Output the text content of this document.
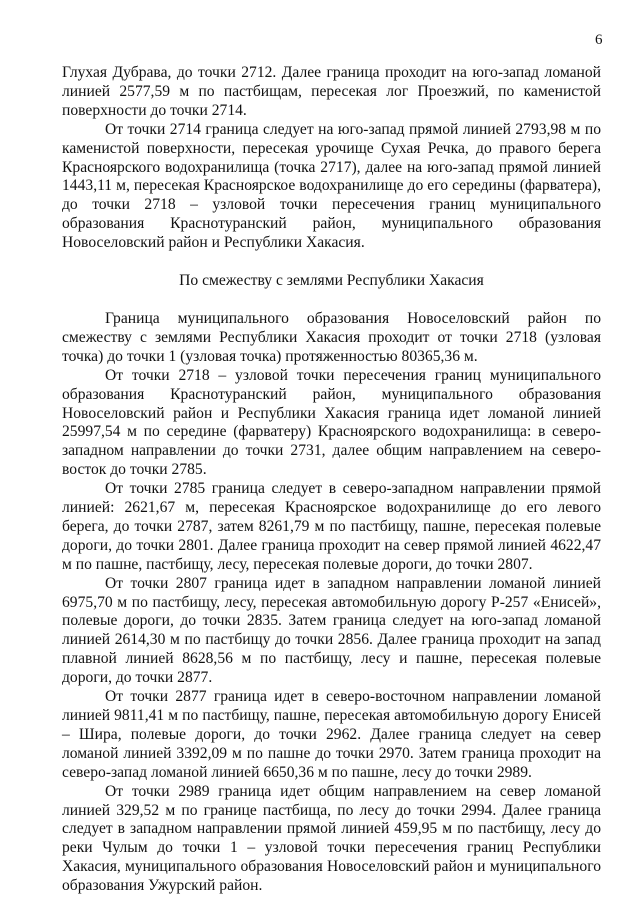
6

Глухая Дубрава, до точки 2712. Далее граница проходит на юго-запад ломаной линией 2577,59 м по пастбищам, пересекая лог Проезжий, по каменистой поверхности до точки 2714.

От точки 2714 граница следует на юго-запад прямой линией 2793,98 м по каменистой поверхности, пересекая урочище Сухая Речка, до правого берега Красноярского водохранилища (точка 2717), далее на юго-запад прямой линией 1443,11 м, пересекая Красноярское водохранилище до его середины (фарватера), до точки 2718 – узловой точки пересечения границ муниципального образования Краснотуранский район, муниципального образования Новоселовский район и Республики Хакасия.

По смежеству с землями Республики Хакасия

Граница муниципального образования Новоселовский район по смежеству с землями Республики Хакасия проходит от точки 2718 (узловая точка) до точки 1 (узловая точка) протяженностью 80365,36 м.

От точки 2718 – узловой точки пересечения границ муниципального образования Краснотуранский район, муниципального образования Новоселовский район и Республики Хакасия граница идет ломаной линией 25997,54 м по середине (фарватеру) Красноярского водохранилища: в северо-западном направлении до точки 2731, далее общим направлением на северо-восток до точки 2785.

От точки 2785 граница следует в северо-западном направлении прямой линией: 2621,67 м, пересекая Красноярское водохранилище до его левого берега, до точки 2787, затем 8261,79 м по пастбищу, пашне, пересекая полевые дороги, до точки 2801. Далее граница проходит на север прямой линией 4622,47 м по пашне, пастбищу, лесу, пересекая полевые дороги, до точки 2807.

От точки 2807 граница идет в западном направлении ломаной линией 6975,70 м по пастбищу, лесу, пересекая автомобильную дорогу Р-257 «Енисей», полевые дороги, до точки 2835. Затем граница следует на юго-запад ломаной линией 2614,30 м по пастбищу до точки 2856. Далее граница проходит на запад плавной линией 8628,56 м по пастбищу, лесу и пашне, пересекая полевые дороги, до точки 2877.

От точки 2877 граница идет в северо-восточном направлении ломаной линией 9811,41 м по пастбищу, пашне, пересекая автомобильную дорогу Енисей – Шира, полевые дороги, до точки 2962. Далее граница следует на север ломаной линией 3392,09 м по пашне до точки 2970. Затем граница проходит на северо-запад ломаной линией 6650,36 м по пашне, лесу до точки 2989.

От точки 2989 граница идет общим направлением на север ломаной линией 329,52 м по границе пастбища, по лесу до точки 2994. Далее граница следует в западном направлении прямой линией 459,95 м по пастбищу, лесу до реки Чулым до точки 1 – узловой точки пересечения границ Республики Хакасия, муниципального образования Новоселовский район и муниципального образования Ужурский район.
